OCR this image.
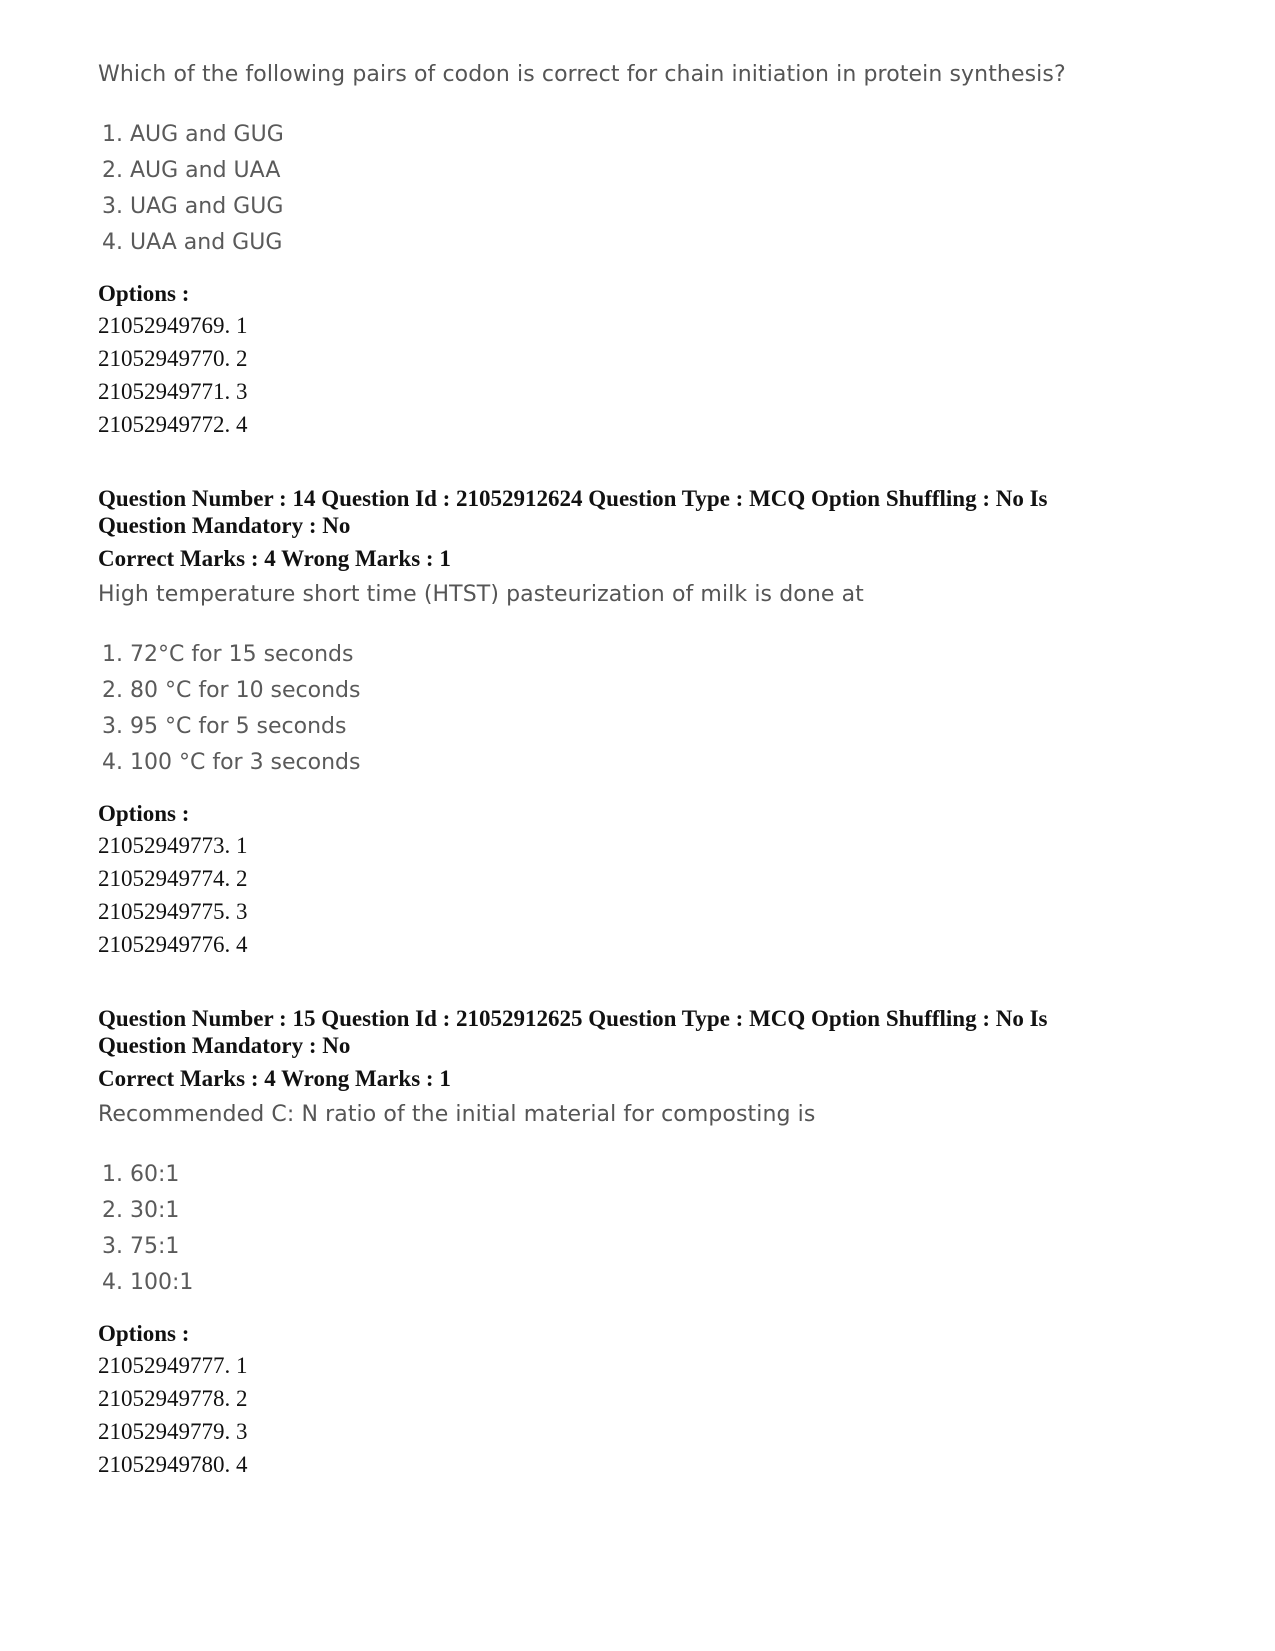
Which of the following pairs of codon is correct for chain initiation in protein synthesis?
1. AUG and GUG
2. AUG and UAA
3. UAG and GUG
4. UAA and GUG
Options :
21052949769. 1
21052949770. 2
21052949771. 3
21052949772. 4
Question Number : 14 Question Id : 21052912624 Question Type : MCQ Option Shuffling : No Is
Question Mandatory : No
Correct Marks : 4 Wrong Marks : 1
High temperature short time (HTST) pasteurization of milk is done at
1. 72°C for 15 seconds
2. 80 °C for 10 seconds
3. 95 °C for 5 seconds
4. 100 °C for 3 seconds
Options :
21052949773. 1
21052949774. 2
21052949775. 3
21052949776. 4
Question Number : 15 Question Id : 21052912625 Question Type : MCQ Option Shuffling : No Is
Question Mandatory : No
Correct Marks : 4 Wrong Marks : 1
Recommended C: N ratio of the initial material for composting is
1. 60:1
2. 30:1
3. 75:1
4. 100:1
Options :
21052949777. 1
21052949778. 2
21052949779. 3
21052949780. 4
